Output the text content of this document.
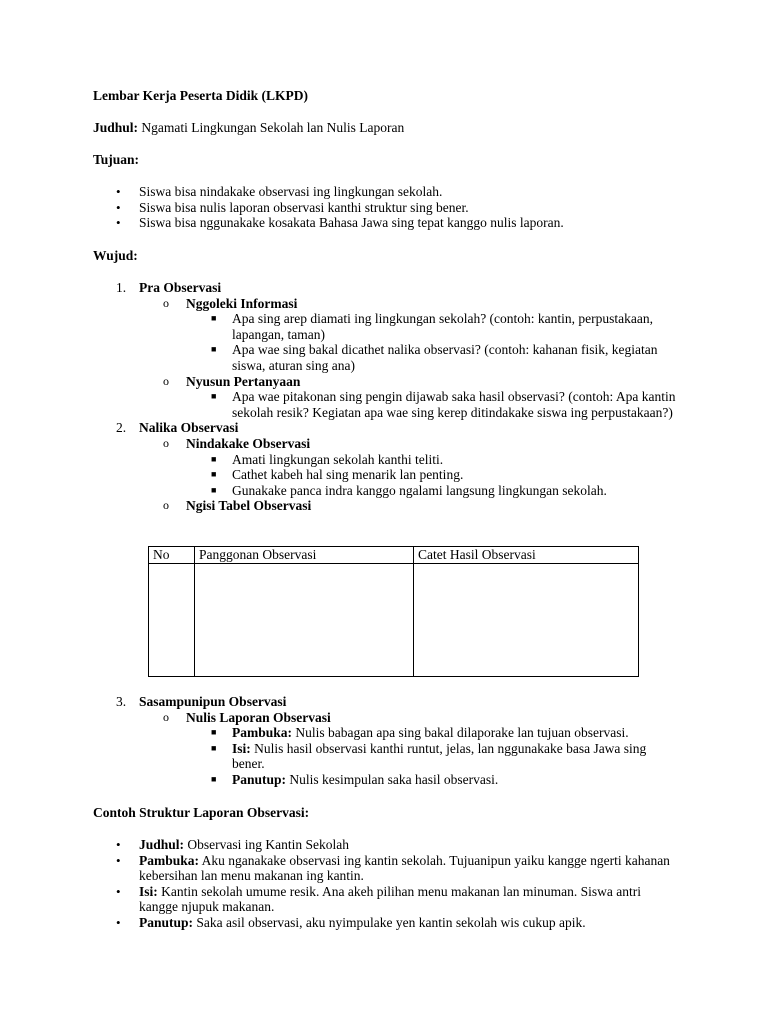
Lembar Kerja Peserta Didik (LKPD)

Judhul: Ngamati Lingkungan Sekolah lan Nulis Laporan

Tujuan:

• Siswa bisa nindakake observasi ing lingkungan sekolah.
• Siswa bisa nulis laporan observasi kanthi struktur sing bener.
• Siswa bisa nggunakake kosakata Bahasa Jawa sing tepat kanggo nulis laporan.

Wujud:

1. Pra Observasi
o Nggoleki Informasi
■ Apa sing arep diamati ing lingkungan sekolah? (contoh: kantin, perpustakaan, lapangan, taman)
■ Apa wae sing bakal dicathet nalika observasi? (contoh: kahanan fisik, kegiatan siswa, aturan sing ana)
o Nyusun Pertanyaan
■ Apa wae pitakonan sing pengin dijawab saka hasil observasi? (contoh: Apa kantin sekolah resik? Kegiatan apa wae sing kerep ditindakake siswa ing perpustakaan?)
2. Nalika Observasi
o Nindakake Observasi
■ Amati lingkungan sekolah kanthi teliti.
■ Cathet kabeh hal sing menarik lan penting.
■ Gunakake panca indra kanggo ngalami langsung lingkungan sekolah.
o Ngisi Tabel Observasi
No	Panggonan Observasi	Catet Hasil Observasi

3. Sasampunipun Observasi
o Nulis Laporan Observasi
■ Pambuka: Nulis babagan apa sing bakal dilaporake lan tujuan observasi.
■ Isi: Nulis hasil observasi kanthi runtut, jelas, lan nggunakake basa Jawa sing bener.
■ Panutup: Nulis kesimpulan saka hasil observasi.

Contoh Struktur Laporan Observasi:

• Judhul: Observasi ing Kantin Sekolah
• Pambuka: Aku nganakake observasi ing kantin sekolah. Tujuanipun yaiku kangge ngerti kahanan kebersihan lan menu makanan ing kantin.
• Isi: Kantin sekolah umume resik. Ana akeh pilihan menu makanan lan minuman. Siswa antri kangge njupuk makanan.
• Panutup: Saka asil observasi, aku nyimpulake yen kantin sekolah wis cukup apik.
